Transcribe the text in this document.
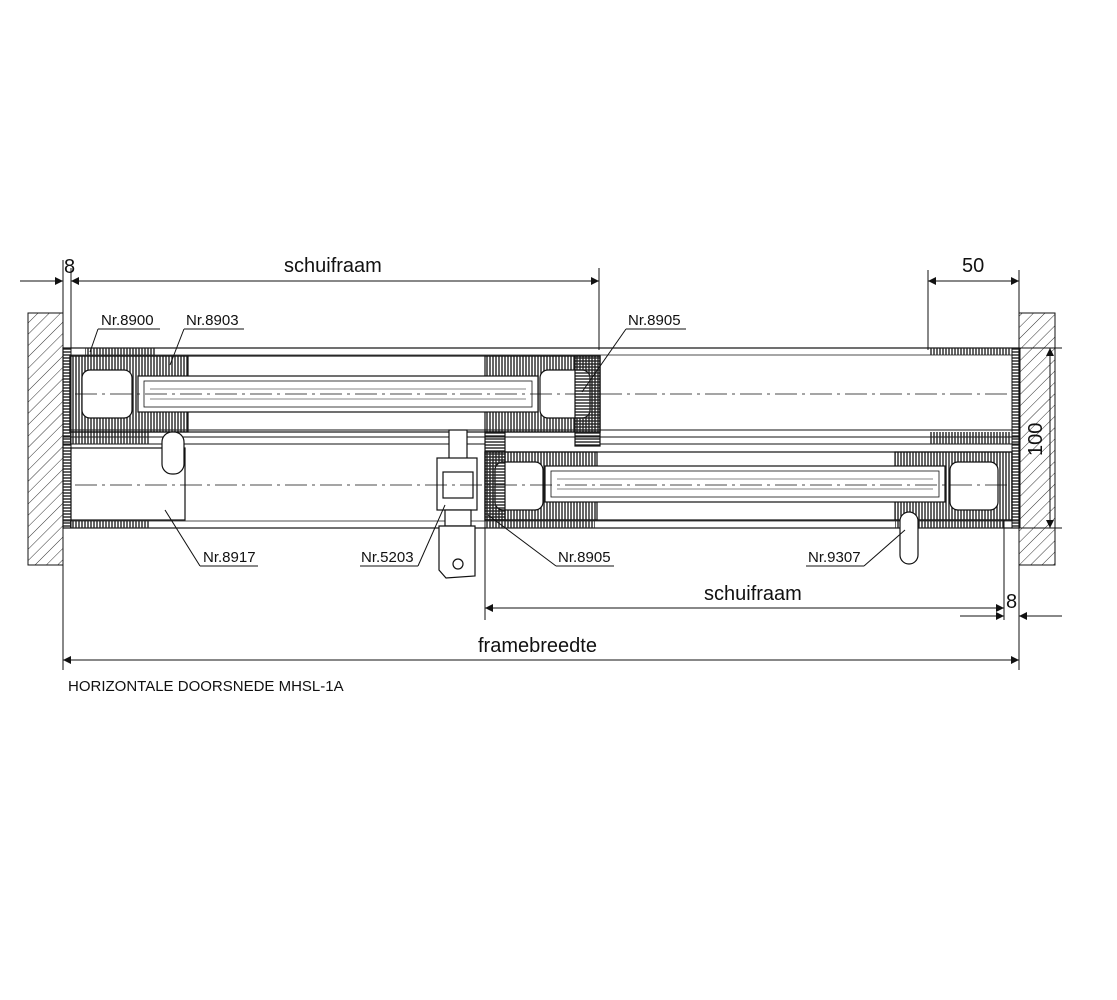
8	schuifraam	50
100
schuifraam	8
framebreedte
Nr.8900 Nr.8903	Nr.8905
Nr.8917	Nr.5203	Nr.8905	Nr.9307
HORIZONTALE DOORSNEDE MHSL-1A
